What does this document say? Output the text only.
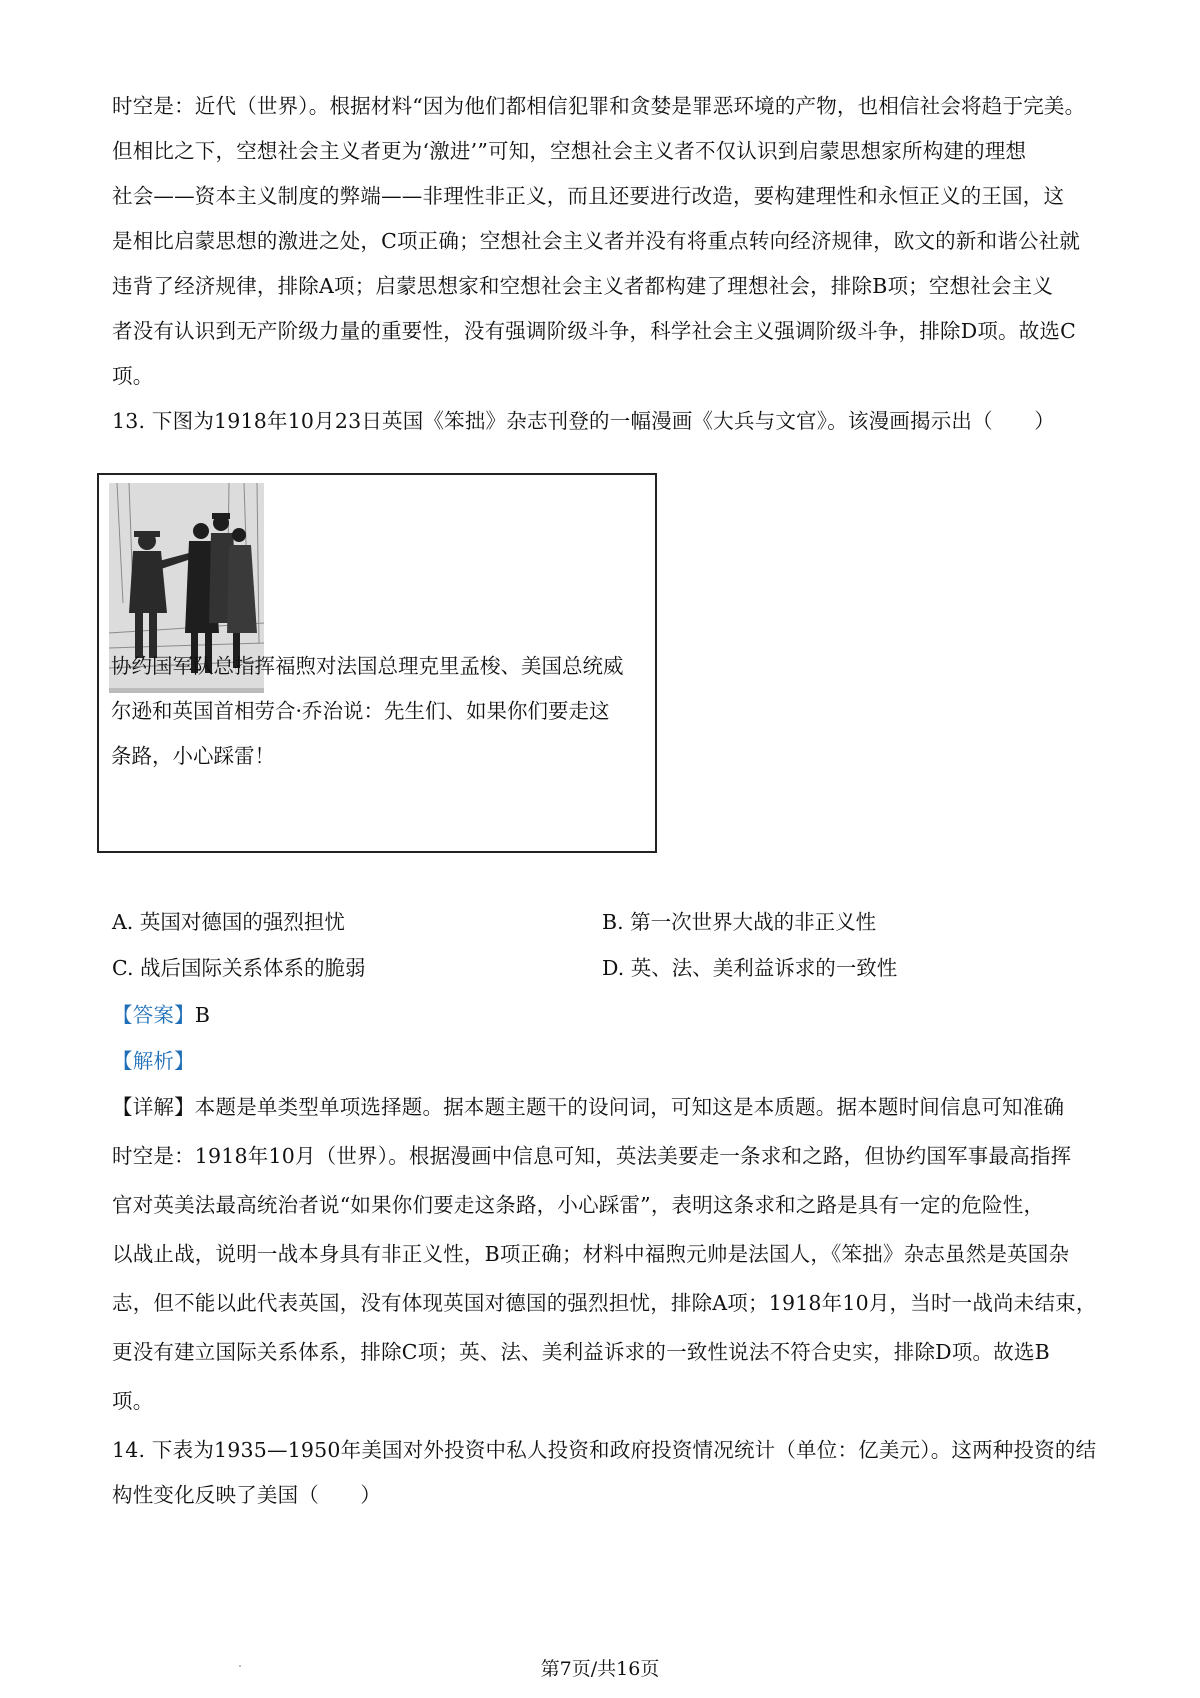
时空是：近代（世界）。根据材料“因为他们都相信犯罪和贪婪是罪恶环境的产物，也相信社会将趋于完美。
但相比之下，空想社会主义者更为‘激进’”可知，空想社会主义者不仅认识到启蒙思想家所构建的理想
社会——资本主义制度的弊端——非理性非正义，而且还要进行改造，要构建理性和永恒正义的王国，这
是相比启蒙思想的激进之处，C项正确；空想社会主义者并没有将重点转向经济规律，欧文的新和谐公社就
违背了经济规律，排除A项；启蒙思想家和空想社会主义者都构建了理想社会，排除B项；空想社会主义
者没有认识到无产阶级力量的重要性，没有强调阶级斗争，科学社会主义强调阶级斗争，排除D项。故选C
项。
13. 下图为1918年10月23日英国《笨拙》杂志刊登的一幅漫画《大兵与文官》。该漫画揭示出（　　）
协约国军队总指挥福煦对法国总理克里孟梭、美国总统威
尔逊和英国首相劳合·乔治说：先生们、如果你们要走这
条路，小心踩雷！
A. 英国对德国的强烈担忧	B. 第一次世界大战的非正义性
C. 战后国际关系体系的脆弱	D. 英、法、美利益诉求的一致性
【答案】B
【解析】
【详解】本题是单类型单项选择题。据本题主题干的设问词，可知这是本质题。据本题时间信息可知准确
时空是：1918年10月（世界）。根据漫画中信息可知，英法美要走一条求和之路，但协约国军事最高指挥
官对英美法最高统治者说“如果你们要走这条路，小心踩雷”，表明这条求和之路是具有一定的危险性，
以战止战，说明一战本身具有非正义性，B项正确；材料中福煦元帅是法国人，《笨拙》杂志虽然是英国杂
志，但不能以此代表英国，没有体现英国对德国的强烈担忧，排除A项；1918年10月，当时一战尚未结束，
更没有建立国际关系体系，排除C项；英、法、美利益诉求的一致性说法不符合史实，排除D项。故选B
项。
14. 下表为1935—1950年美国对外投资中私人投资和政府投资情况统计（单位：亿美元）。这两种投资的结
构性变化反映了美国（　　）
第7页/共16页
